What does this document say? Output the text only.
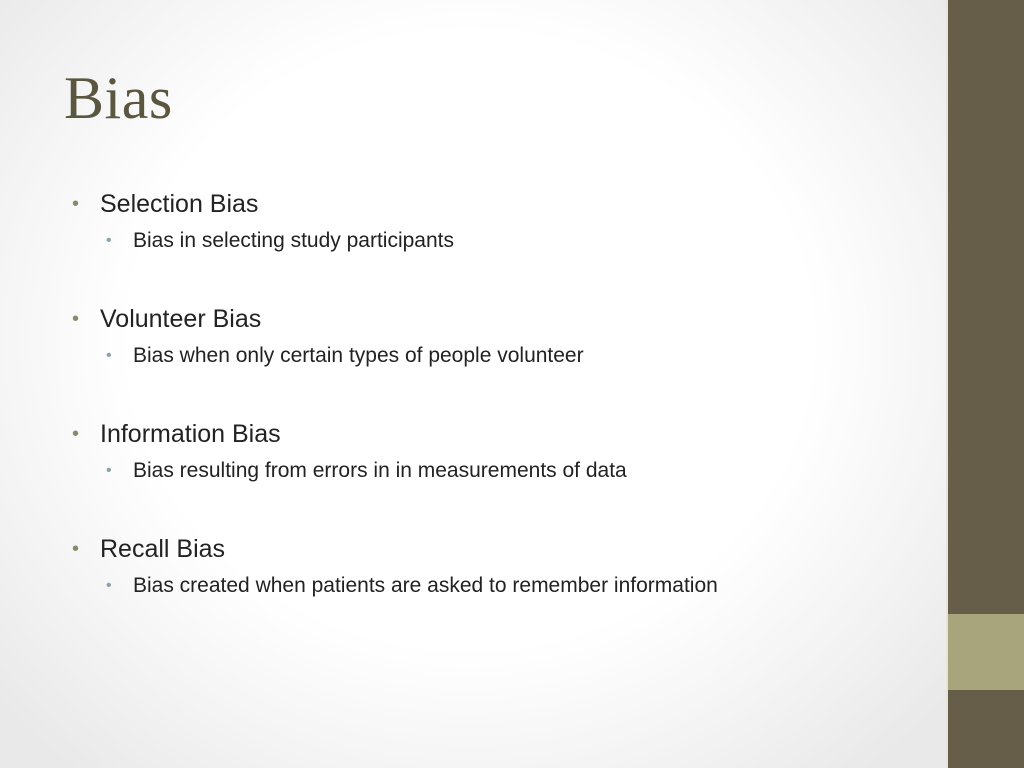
Bias
• Selection Bias
• Bias in selecting study participants
• Volunteer Bias
• Bias when only certain types of people volunteer
• Information Bias
• Bias resulting from errors in in measurements of data
• Recall Bias
• Bias created when patients are asked to remember information
